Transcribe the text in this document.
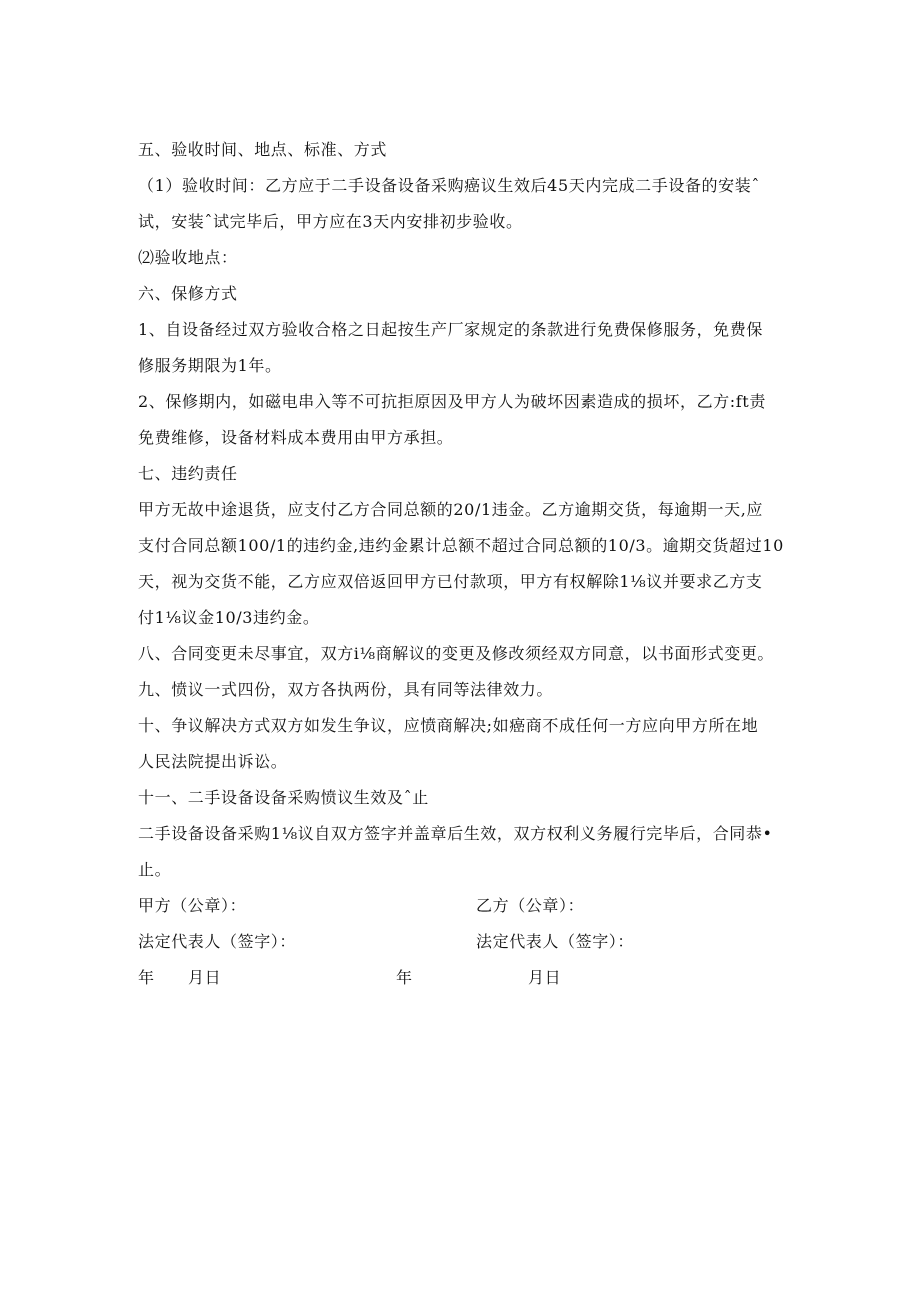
五、验收时间、地点、标准、方式
（1）验收时间：乙方应于二手设备设备采购癌议生效后45天内完成二手设备的安装ˆ
试，安装ˆ试完毕后，甲方应在3天内安排初步验收。
⑵验收地点：
六、保修方式
1、自设备经过双方验收合格之日起按生产厂家规定的条款进行免费保修服务，免费保
修服务期限为1年。
2、保修期内，如磁电串入等不可抗拒原因及甲方人为破坏因素造成的损坏，乙方:ft责
免费维修，设备材料成本费用由甲方承担。
七、违约责任
甲方无故中途退货，应支付乙方合同总额的20/1违金。乙方逾期交货，每逾期一天,应
支付合同总额100/1的违约金,违约金累计总额不超过合同总额的10/3。逾期交货超过10
天，视为交货不能，乙方应双倍返回甲方已付款项，甲方有权解除1⅛议并要求乙方支
付1⅛议金10/3违约金。
八、合同变更未尽事宜，双方i⅛商解议的变更及修改须经双方同意，以书面形式变更。
九、愤议一式四份，双方各执两份，具有同等法律效力。
十、争议解决方式双方如发生争议，应愤商解决;如癌商不成任何一方应向甲方所在地
人民法院提出诉讼。
十一、二手设备设备采购愤议生效及ˆ止
二手设备设备采购1⅛议自双方签字并盖章后生效，双方权利义务履行完毕后，合同恭•
止。
甲方（公章）：	乙方（公章）：
法定代表人（签字）：	法定代表人（签字）：
年 月日	年	月日
